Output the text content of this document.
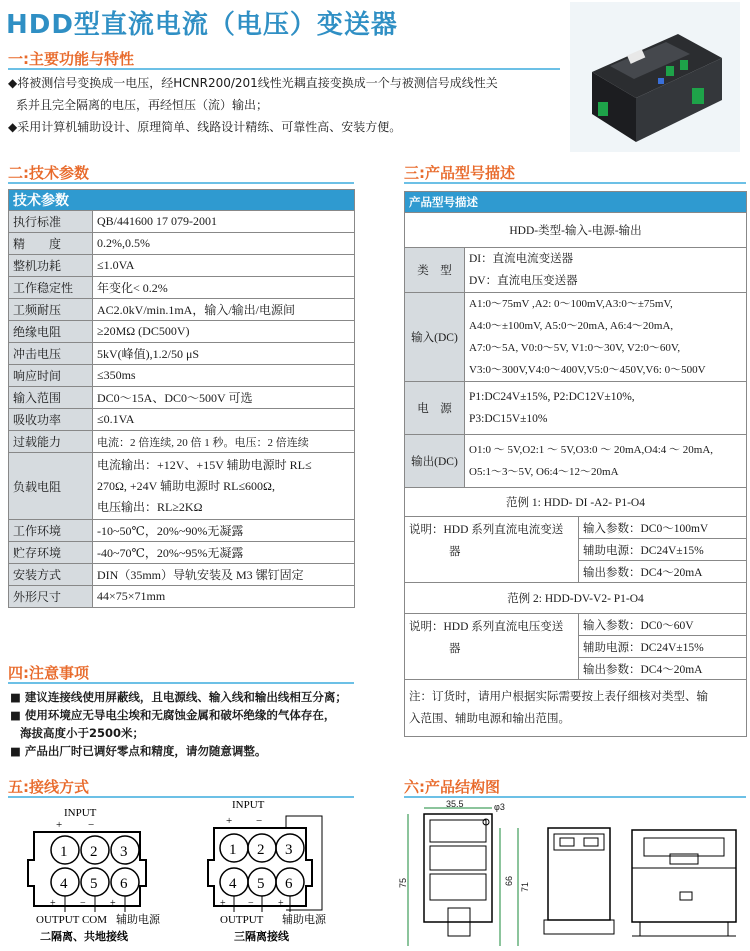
HDD型直流电流（电压）变送器
一:主要功能与特性
◆将被测信号变换成一电压，经HCNR200/201线性光耦直接变换成一个与被测信号成线性关
系并且完全隔离的电压，再经恒压（流）输出；
◆采用计算机辅助设计、原理简单、线路设计精练、可靠性高、安装方便。
二:技术参数
技术参数	
执行标准	QB/441600 17 079-2001
精　　度	0.2%,0.5%
整机功耗	≤1.0VA
工作稳定性	年变化< 0.2%
工频耐压	AC2.0kV/min.1mA，输入/输出/电源间
绝缘电阻	≥20MΩ (DC500V)
冲击电压	5kV(峰值),1.2/50 μS
响应时间	≤350ms
输入范围	DC0～15A、DC0～500V 可选
吸收功率	≤0.1VA
过载能力	电流：2 倍连续, 20 倍 1 秒。电压：2 倍连续
负载电阻	电流输出：+12V、+15V 辅助电源时 RL≤
270Ω, +24V 辅助电源时 RL≤600Ω,
电压输出：RL≥2KΩ

工作环境	-10~50℃，20%~90%无凝露
贮存环境	-40~70℃，20%~95%无凝露
安装方式	DIN（35mm）导轨安装及 M3 镙钉固定
外形尺寸	44×75×71mm
三:产品型号描述
产品型号描述		
HDD-类型-输入-电源-输出		
类　型	DI：直流电流变送器
DV：直流电压变送器	

输入(DC)	A1:0～75mV ,A2: 0～100mV,A3:0～±75mV,
A4:0～±100mV, A5:0～20mA, A6:4～20mA,
A7:0～5A, V0:0～5V, V1:0～30V, V2:0～60V,
V3:0～300V,V4:0～400V,V5:0～450V,V6: 0～500V	

电　源	P1:DC24V±15%, P2:DC12V±10%,
P3:DC15V±10%	

输出(DC)	O1:0 ～ 5V,O2:1 ～ 5V,O3:0 ～ 20mA,O4:4 ～ 20mA,
O5:1～3～5V, O6:4～12～20mA	

范例 1: HDD- DI -A2- P1-O4		

说明：HDD 系列直流电流变送
器		输入参数：DC0～100mV
		辅助电源：DC24V±15%
		输出参数：DC4～20mA
范例 2: HDD-DV-V2- P1-O4		

说明：HDD 系列直流电压变送
器		输入参数：DC0～60V
		辅助电源：DC24V±15%
		输出参数：DC4～20mA

注：订货时，请用户根据实际需要按上表仔细核对类型、输
入范围、辅助电源和输出范围。		
四:注意事项
■ 建议连接线使用屏蔽线，且电源线、输入线和输出线相互分离；
■ 使用环境应无导电尘埃和无腐蚀金属和破坏绝缘的气体存在，
海拔高度小于2500米；
■ 产品出厂时已调好零点和精度，请勿随意调整。
五:接线方式
INPUT
+ −
1 2 3
4 5 6
+ − +
OUTPUT COM 辅助电源
二隔离、共地接线
INPUT
+ −
1 2 3
4 5 6
+ − +
OUTPUT 辅助电源
三隔离接线
六:产品结构图
35.5	φ3
75	66
71
